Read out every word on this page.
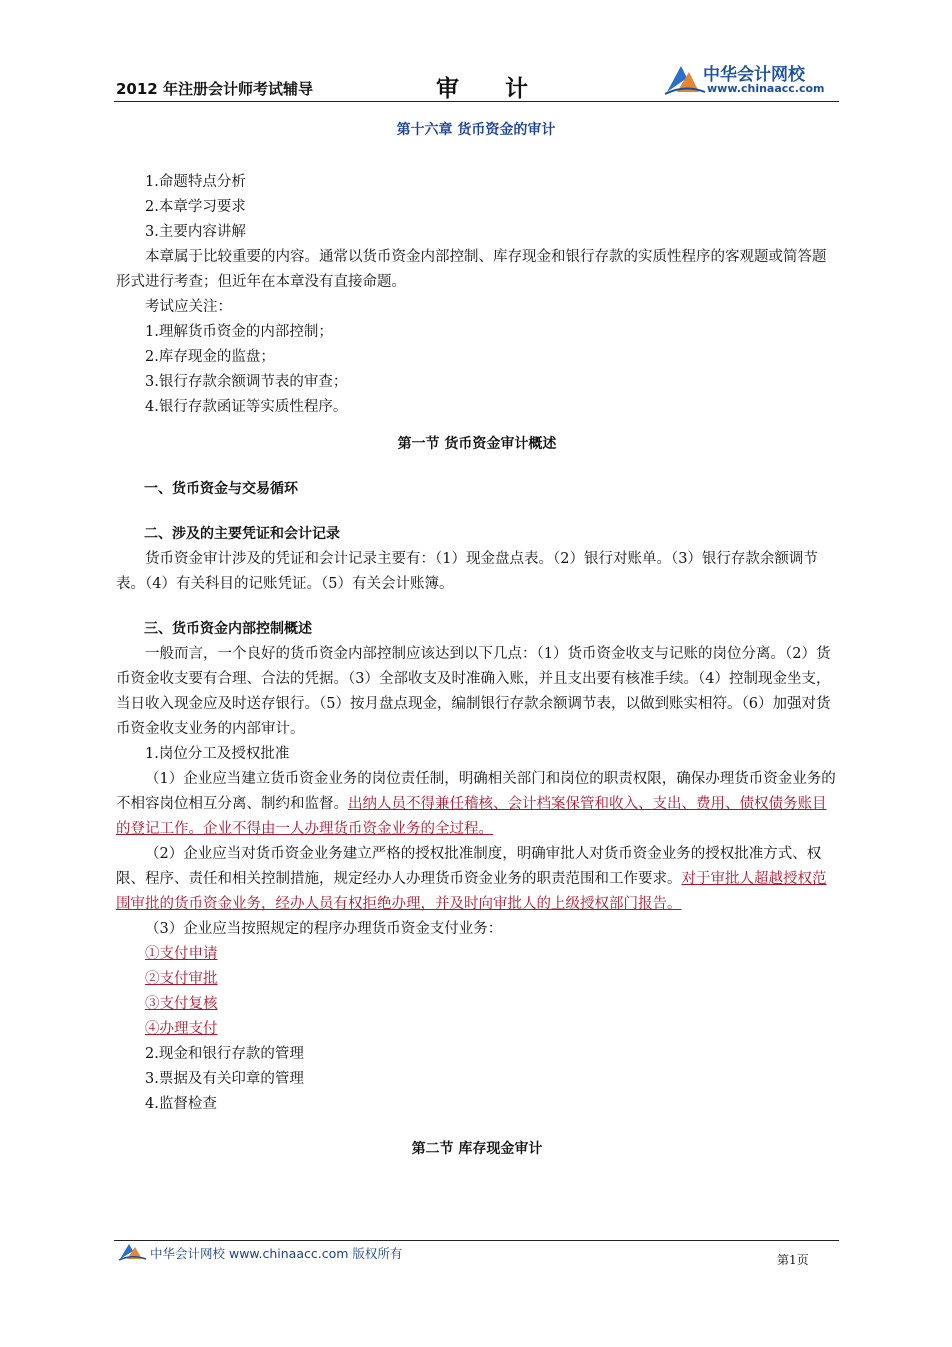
2012 年注册会计师考试辅导	审计
中华会计网校
www.chinaacc.com
第十六章 货币资金的审计

1.命题特点分析

2.本章学习要求

3.主要内容讲解

本章属于比较重要的内容。通常以货币资金内部控制、库存现金和银行存款的实质性程序的客观题或简答题形式进行考查；但近年在本章没有直接命题。

考试应关注：

1.理解货币资金的内部控制；

2.库存现金的监盘；

3.银行存款余额调节表的审查；

4.银行存款函证等实质性程序。

第一节 货币资金审计概述

一、货币资金与交易循环

二、涉及的主要凭证和会计记录

货币资金审计涉及的凭证和会计记录主要有：（1）现金盘点表。（2）银行对账单。（3）银行存款余额调节表。（4）有关科目的记账凭证。（5）有关会计账簿。

三、货币资金内部控制概述

一般而言，一个良好的货币资金内部控制应该达到以下几点：（1）货币资金收支与记账的岗位分离。（2）货币资金收支要有合理、合法的凭据。（3）全部收支及时准确入账，并且支出要有核准手续。（4）控制现金坐支，当日收入现金应及时送存银行。（5）按月盘点现金，编制银行存款余额调节表，以做到账实相符。（6）加强对货币资金收支业务的内部审计。

1.岗位分工及授权批准

（1）企业应当建立货币资金业务的岗位责任制，明确相关部门和岗位的职责权限，确保办理货币资金业务的不相容岗位相互分离、制约和监督。出纳人员不得兼任稽核、会计档案保管和收入、支出、费用、债权债务账目的登记工作。企业不得由一人办理货币资金业务的全过程。

（2）企业应当对货币资金业务建立严格的授权批准制度，明确审批人对货币资金业务的授权批准方式、权限、程序、责任和相关控制措施，规定经办人办理货币资金业务的职责范围和工作要求。对于审批人超越授权范围审批的货币资金业务，经办人员有权拒绝办理，并及时向审批人的上级授权部门报告。

（3）企业应当按照规定的程序办理货币资金支付业务：

①支付申请

②支付审批

③支付复核

④办理支付

2.现金和银行存款的管理

3.票据及有关印章的管理

4.监督检查

第二节 库存现金审计

中华会计网校 www.chinaacc.com 版权所有	第1页
